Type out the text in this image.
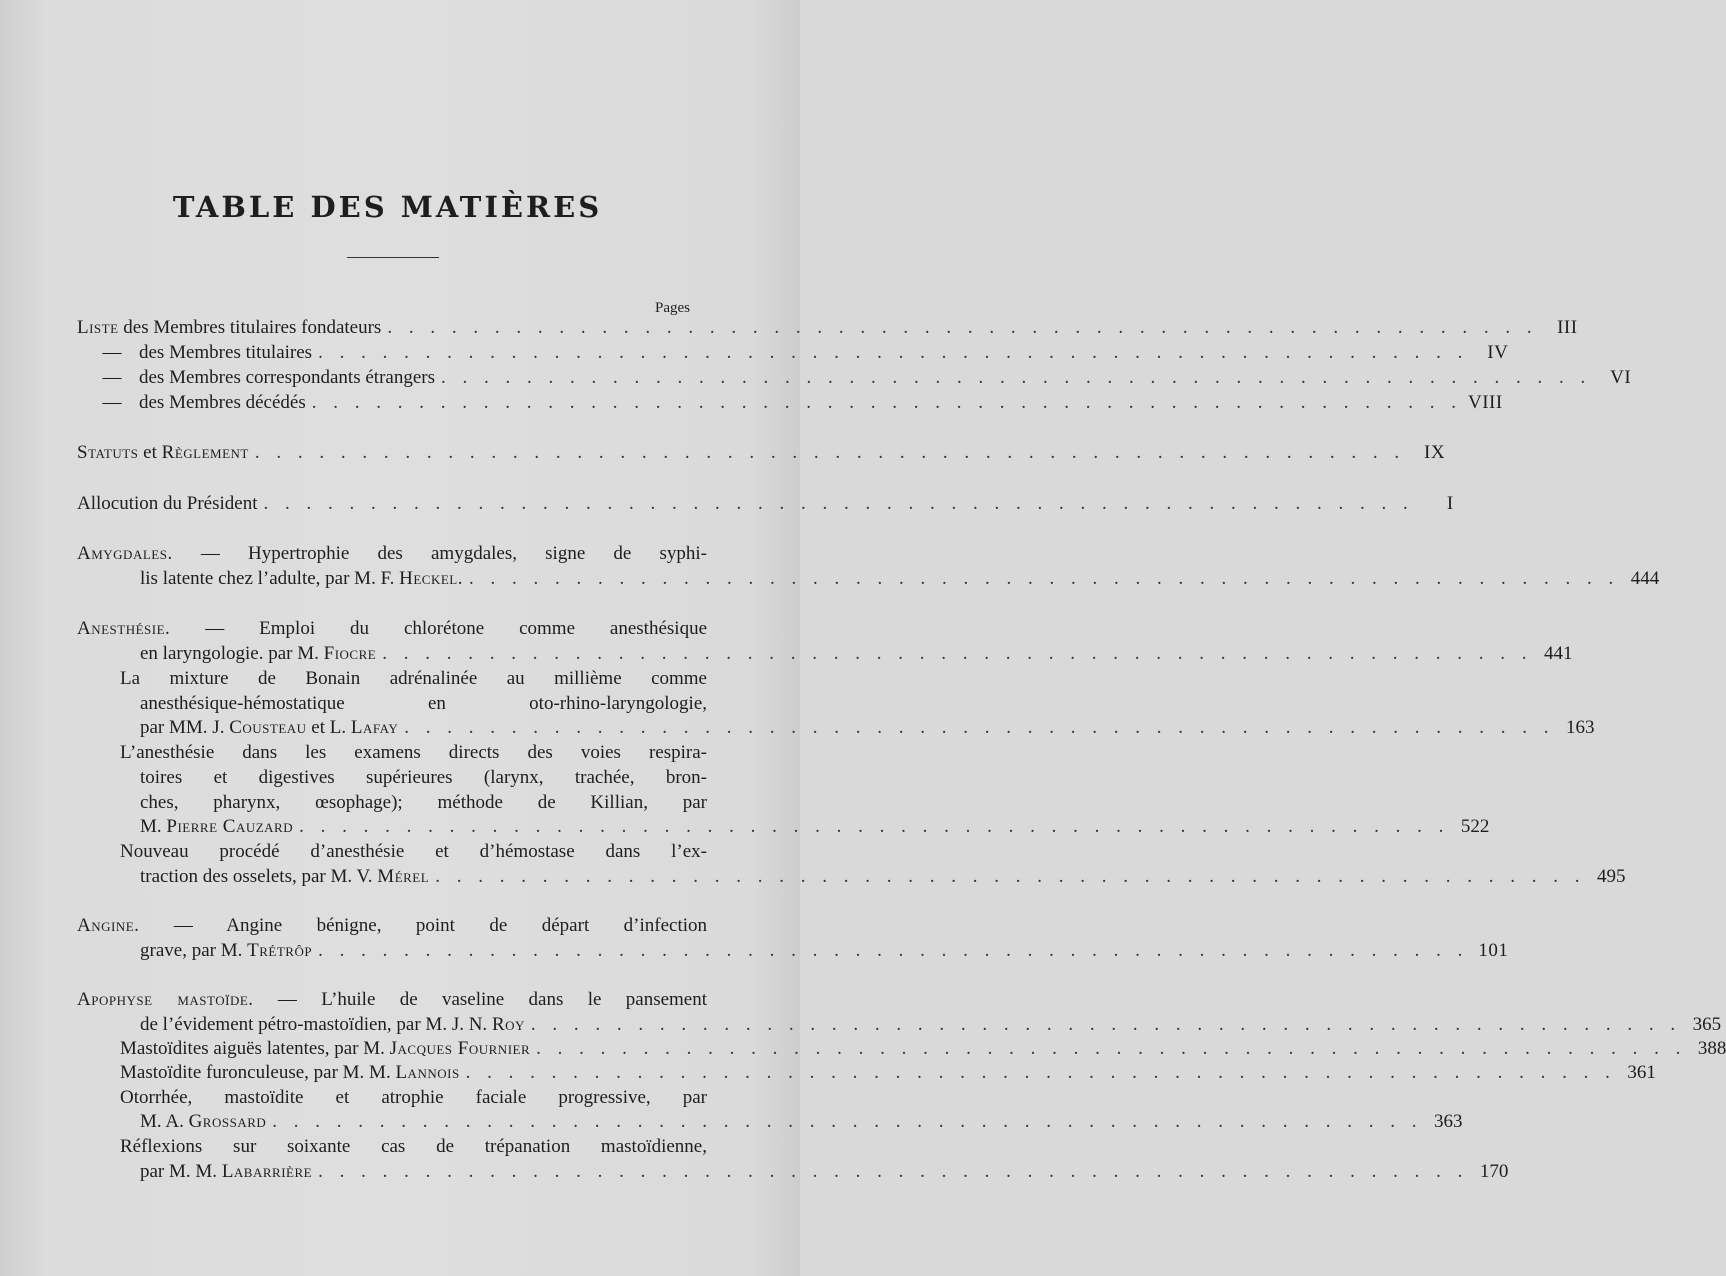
TABLE DES MATIÈRES
Pages
Liste des Membres titulaires fondateurs . . . . . . . . . . . . . . . . . . . . . . . . . . . . . . . . . . . . . . . . . . . . . . . . . . . . . .	III
— des Membres titulaires . . . . . . . . . . . . . . . . . . . . . . . . . . . . . . . . . . . . . . . . . . . . . . . . . . . . . . IV
— des Membres correspondants étrangers . . . . . . . . . . . . . . . . . . . . . . . . . . . . . . . . . . . . . . . . . . . . . . . . . . . . . . VI
— des Membres décédés . . . . . . . . . . . . . . . . . . . . . . . . . . . . . . . . . . . . . . . . . . . . . . . . . . . . . . VIII
Statuts et Règlement . . . . . . . . . . . . . . . . . . . . . . . . . . . . . . . . . . . . . . . . . . . . . . . . . . . . . . IX
Allocution du Président . . . . . . . . . . . . . . . . . . . . . . . . . . . . . . . . . . . . . . . . . . . . . . . . . . . . . .	I
Amygdales. — Hypertrophie des amygdales, signe de syphi-
lis latente chez l’adulte, par M. F. Heckel. . . . . . . . . . . . . . . . . . . . . . . . . . . . . . . . . . . . . . . . . . . . . . . . . . . . . . . 444
Anesthésie. — Emploi du chlorétone comme anesthésique
en laryngologie. par M. Fiocre . . . . . . . . . . . . . . . . . . . . . . . . . . . . . . . . . . . . . . . . . . . . . . . . . . . . . . 441
La mixture de Bonain adrénalinée au millième comme
anesthésique-hémostatique en oto-rhino-laryngologie,
par MM. J. Cousteau et L. Lafay . . . . . . . . . . . . . . . . . . . . . . . . . . . . . . . . . . . . . . . . . . . . . . . . . . . . . . 163
L’anesthésie dans les examens directs des voies respira-
toires et digestives supérieures (larynx, trachée, bron-
ches, pharynx, œsophage); méthode de Killian, par
M. Pierre Cauzard . . . . . . . . . . . . . . . . . . . . . . . . . . . . . . . . . . . . . . . . . . . . . . . . . . . . . . 522
Nouveau procédé d’anesthésie et d’hémostase dans l’ex-
traction des osselets, par M. V. Mérel . . . . . . . . . . . . . . . . . . . . . . . . . . . . . . . . . . . . . . . . . . . . . . . . . . . . . . 495
Angine. — Angine bénigne, point de départ d’infection
grave, par M. Trétrôp . . . . . . . . . . . . . . . . . . . . . . . . . . . . . . . . . . . . . . . . . . . . . . . . . . . . . . 101
Apophyse mastoïde. — L’huile de vaseline dans le pansement
de l’évidement pétro-mastoïdien, par M. J. N. Roy . . . . . . . . . . . . . . . . . . . . . . . . . . . . . . . . . . . . . . . . . . . . . . . . . . . . . . 365
Mastoïdites aiguës latentes, par M. Jacques Fournier . . . . . . . . . . . . . . . . . . . . . . . . . . . . . . . . . . . . . . . . . . . . . . . . . . . . . . 388
Mastoïdite furonculeuse, par M. M. Lannois . . . . . . . . . . . . . . . . . . . . . . . . . . . . . . . . . . . . . . . . . . . . . . . . . . . . . . 361
Otorrhée, mastoïdite et atrophie faciale progressive, par
M. A. Grossard . . . . . . . . . . . . . . . . . . . . . . . . . . . . . . . . . . . . . . . . . . . . . . . . . . . . . . 363
Réflexions sur soixante cas de trépanation mastoïdienne,
par M. M. Labarrière . . . . . . . . . . . . . . . . . . . . . . . . . . . . . . . . . . . . . . . . . . . . . . . . . . . . . . 170
